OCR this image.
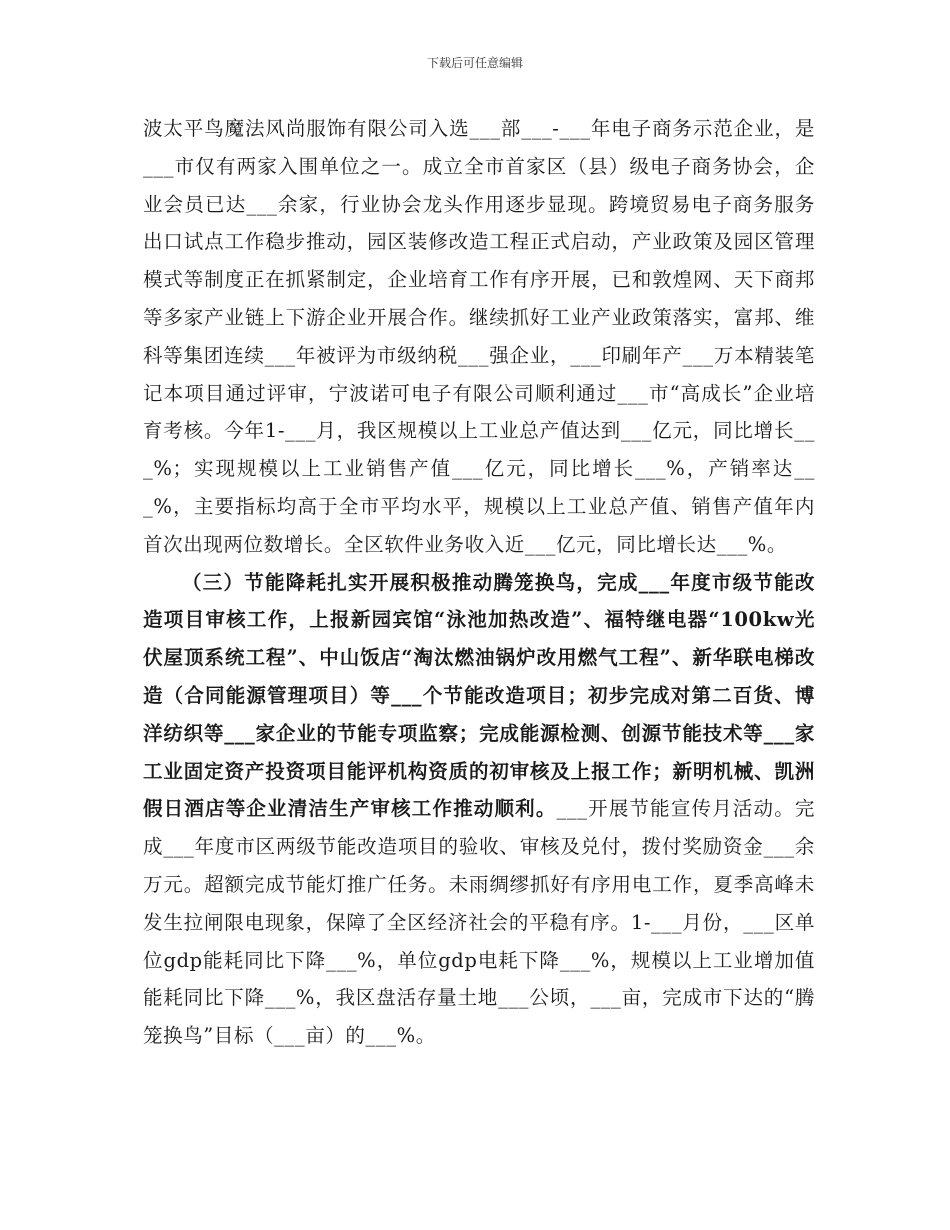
下载后可任意编辑

波太平鸟魔法风尚服饰有限公司入选___部___-___年电子商务示范企业，是___市仅有两家入围单位之一。成立全市首家区（县）级电子商务协会，企业会员已达___余家，行业协会龙头作用逐步显现。跨境贸易电子商务服务出口试点工作稳步推动，园区装修改造工程正式启动，产业政策及园区管理模式等制度正在抓紧制定，企业培育工作有序开展，已和敦煌网、天下商邦等多家产业链上下游企业开展合作。继续抓好工业产业政策落实，富邦、维科等集团连续___年被评为市级纳税___强企业，___印刷年产___万本精装笔记本项目通过评审，宁波诺可电子有限公司顺利通过___市“高成长”企业培育考核。今年1-___月，我区规模以上工业总产值达到___亿元，同比增长___%；实现规模以上工业销售产值___亿元，同比增长___%，产销率达___%，主要指标均高于全市平均水平，规模以上工业总产值、销售产值年内首次出现两位数增长。全区软件业务收入近___亿元，同比增长达___%。

（三）节能降耗扎实开展积极推动腾笼换鸟，完成___年度市级节能改造项目审核工作，上报新园宾馆“泳池加热改造”、福特继电器“100kw光伏屋顶系统工程”、中山饭店“淘汰燃油锅炉改用燃气工程”、新华联电梯改造（合同能源管理项目）等___个节能改造项目；初步完成对第二百货、博洋纺织等___家企业的节能专项监察；完成能源检测、创源节能技术等___家工业固定资产投资项目能评机构资质的初审核及上报工作；新明机械、凯洲假日酒店等企业清洁生产审核工作推动顺利。___开展节能宣传月活动。完成___年度市区两级节能改造项目的验收、审核及兑付，拨付奖励资金___余万元。超额完成节能灯推广任务。未雨绸缪抓好有序用电工作，夏季高峰未发生拉闸限电现象，保障了全区经济社会的平稳有序。1-___月份，___区单位gdp能耗同比下降___%，单位gdp电耗下降___%，规模以上工业增加值能耗同比下降___%，我区盘活存量土地___公顷，___亩，完成市下达的“腾笼换鸟”目标（___亩）的___%。
